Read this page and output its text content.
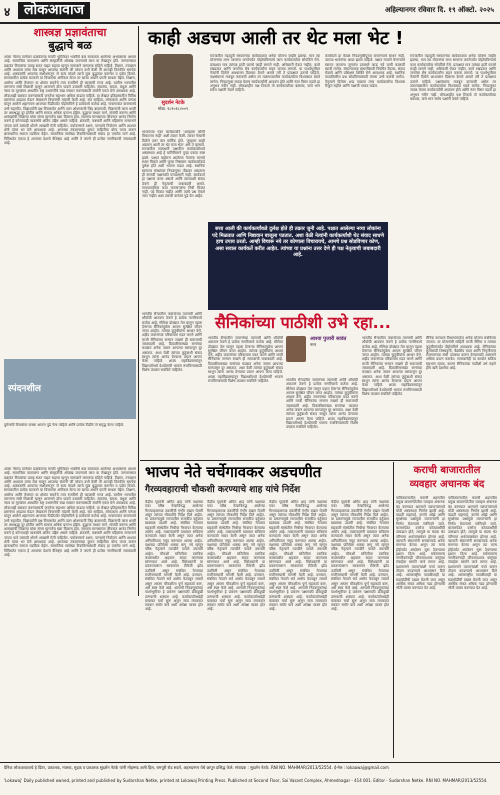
४ लोकआवाज	अहिल्यानगर रविवार दि. १९ ऑक्टो. २०२५
शास्त्रज्ञ प्रज्ञावंताचा
बुद्धाचे बळ
अंतरा गोल्ला ठाणेकर प्रज्ञावंताचा मराठी भूमिकेवर भक्तीचे बळ साकारता आलेल्या अभ्यासाचा आधार आहे. सामाजिक वातावरण आणि संस्कृतीची ओळख जपण्याचे काम या लेखातून होते. जनमानसात प्रज्ञावंत विचारांचा प्रवाह सतत वाहत राहावा म्हणून समाजाने जागरूक राहिले पाहिजे. विज्ञान, तत्त्वज्ञान आणि अध्यात्म यांचा मेळ घालून आपल्या संतांनी जी परंपरा उभी केली ती आजही तितकीच समर्पक आहे. शास्त्रज्ञांनी आपल्या संशोधनातून जे सत्य मांडले त्याचे मूळ बुद्धाच्या करुणेत व प्रज्ञेत दिसते. समाजातील प्रत्येक घटकाने या विचारांचा अंगीकार केला तर खऱ्या अर्थाने प्रगती साधता येईल. शिक्षण, आरोग्य आणि रोजगार या क्षेत्रांत समतेचे तत्त्व रुजविणे ही काळाची गरज आहे. ग्रामीण भागातील तरुणांना संधी मिळावी म्हणून शासनाने ठोस पावले उचलली पाहिजेत. स्वातंत्र्य, समता, बंधुता आणि न्याय या मूल्यांवर आधारित राष्ट्र उभारणीचे स्वप्न साकार करण्यासाठी सर्वांनी एकत्र येणे आवश्यक आहे. लोकशाही बळकट करण्यासाठी जनतेचा सहभाग अधिक वाढला पाहिजे. या लेखात इतिहासातील विविध प्रसंगांचा आढावा घेऊन लेखकाने विचारांची मांडणी केली आहे. संत साहित्य, लोककला आणि परंपरा यांतून आलेले शहाणपण आजच्या पिढीपर्यंत पोहोचविणे हे प्रत्येकाचे कर्तव्य आहे. गावागावांत वाचनालये उभी राहावीत, विद्यार्थ्यांनी प्रश्न विचारावेत आणि उत्तर शोधण्याची जिद्द बाळगावी. विज्ञानाची कास धरली तर अंधश्रद्धा दूर होतील आणि समाज अधिक प्रगल्भ होईल. बुद्धाचा मध्यम मार्ग, संतांची करुणा आणि शास्त्रज्ञांची जिज्ञासा यांचा संगम म्हणजेच खरा विकास होय. सामान्य माणसाच्या जीवनात आनंद निर्माण करणे हे कोणत्याही व्यवस्थेचे अंतिम उद्दिष्ट असले पाहिजे. शेतकरी, कष्टकरी आणि महिलांना सन्मानाने जगता यावे यासाठी धोरणे आखली गेली पाहिजेत. पर्यावरणाचे रक्षण, पाण्याचे नियोजन आणि शाश्वत शेती यांवर भर देणे आवश्यक आहे. आजच्या तंत्रज्ञानाच्या युगात माहितीचा योग्य वापर करून ज्ञानाधारित समाज घडविता येईल. सामाजिक सलोखा टिकविण्यासाठी संवाद हा एकमेव मार्ग आहे. विविधतेत एकता हे आपल्या देशाचे वैशिष्ट्य आहे आणि ते जपणे ही प्रत्येक नागरिकाची जबाबदारी आहे.
स्पंदनशील
पुरोगामी विचारांचा वारसा आपण पुढे नेला पाहिजे आणि प्रत्येक पिढीने तो समृद्ध केला पाहिजे.
अंतरा गोल्ला ठाणेकर प्रज्ञावंताचा मराठी भूमिकेवर भक्तीचे बळ साकारता आलेल्या अभ्यासाचा आधार आहे. सामाजिक वातावरण आणि संस्कृतीची ओळख जपण्याचे काम या लेखातून होते. जनमानसात प्रज्ञावंत विचारांचा प्रवाह सतत वाहत राहावा म्हणून समाजाने जागरूक राहिले पाहिजे. विज्ञान, तत्त्वज्ञान आणि अध्यात्म यांचा मेळ घालून आपल्या संतांनी जी परंपरा उभी केली ती आजही तितकीच समर्पक आहे. शास्त्रज्ञांनी आपल्या संशोधनातून जे सत्य मांडले त्याचे मूळ बुद्धाच्या करुणेत व प्रज्ञेत दिसते. समाजातील प्रत्येक घटकाने या विचारांचा अंगीकार केला तर खऱ्या अर्थाने प्रगती साधता येईल. शिक्षण, आरोग्य आणि रोजगार या क्षेत्रांत समतेचे तत्त्व रुजविणे ही काळाची गरज आहे. ग्रामीण भागातील तरुणांना संधी मिळावी म्हणून शासनाने ठोस पावले उचलली पाहिजेत. स्वातंत्र्य, समता, बंधुता आणि न्याय या मूल्यांवर आधारित राष्ट्र उभारणीचे स्वप्न साकार करण्यासाठी सर्वांनी एकत्र येणे आवश्यक आहे. लोकशाही बळकट करण्यासाठी जनतेचा सहभाग अधिक वाढला पाहिजे. या लेखात इतिहासातील विविध प्रसंगांचा आढावा घेऊन लेखकाने विचारांची मांडणी केली आहे. संत साहित्य, लोककला आणि परंपरा यांतून आलेले शहाणपण आजच्या पिढीपर्यंत पोहोचविणे हे प्रत्येकाचे कर्तव्य आहे. गावागावांत वाचनालये उभी राहावीत, विद्यार्थ्यांनी प्रश्न विचारावेत आणि उत्तर शोधण्याची जिद्द बाळगावी. विज्ञानाची कास धरली तर अंधश्रद्धा दूर होतील आणि समाज अधिक प्रगल्भ होईल. बुद्धाचा मध्यम मार्ग, संतांची करुणा आणि शास्त्रज्ञांची जिज्ञासा यांचा संगम म्हणजेच खरा विकास होय. सामान्य माणसाच्या जीवनात आनंद निर्माण करणे हे कोणत्याही व्यवस्थेचे अंतिम उद्दिष्ट असले पाहिजे. शेतकरी, कष्टकरी आणि महिलांना सन्मानाने जगता यावे यासाठी धोरणे आखली गेली पाहिजेत. पर्यावरणाचे रक्षण, पाण्याचे नियोजन आणि शाश्वत शेती यांवर भर देणे आवश्यक आहे. आजच्या तंत्रज्ञानाच्या युगात माहितीचा योग्य वापर करून ज्ञानाधारित समाज घडविता येईल. सामाजिक सलोखा टिकविण्यासाठी संवाद हा एकमेव मार्ग आहे. विविधतेत एकता हे आपल्या देशाचे वैशिष्ट्य आहे आणि ते जपणे ही प्रत्येक नागरिकाची जबाबदारी आहे.
काही अडचण आली तर थेट मला भेट !
सुदर्शन नेटके
मोबा. ९८९०१८२००९
भाजपच्या एका कार्यकर्त्याने 'आम्हाला कोणी विचारतच नाही' अशी तक्रार केली. त्यावर नेत्यांनी दिलेले उत्तर फार मार्मिक होते. 'तुम्हाला काही अडचण आली तर थेट मला भेटा' असे ते म्हणाले. राज्यातील सत्ताधारी पक्षातील कार्यकर्त्यांमध्ये अस्वस्थता आहे हे यानिमित्ताने पुन्हा एकदा स्पष्ट झाले. पक्षात बाहेरून आलेल्या नेत्यांना मानाचे स्थान मिळते आणि जुन्या निष्ठावान कार्यकर्त्यांकडे दुर्लक्ष होते अशी भावना वाढत आहे. स्थानिक स्वराज्य संस्थांच्या निवडणुका तोंडावर असताना ही नाराजी पक्षासाठी परवडणारी नाही. कार्यकर्ता हा पक्षाचा कणा असतो आणि त्याच्याशी संवाद ठेवणे ही नेतृत्वाची जबाबदारी असते. गावपातळीवर काम करणाऱ्यांना निधी मिळत नाही, पदे मिळत नाहीत आणि त्यांचे प्रश्न ऐकले जात नाहीत अशा तक्रारी वारंवार पुढे येत आहेत.
राज्यातील महायुती सरकारच्या कार्यकाळात अनेक योजना जाहीर झाल्या, मात्र त्या योजनांचा लाभ सामान्य जनतेपर्यंत पोहोचविण्याचे काम कार्यकर्त्यांवर सोपविले गेले. प्रत्यक्षात मात्र त्यांच्या हाती फारसे काही लागले नाही. अधिकारी ऐकत नाहीत, कामे रखडतात आणि जनतेचा रोष कार्यकर्त्यांना सहन करावा लागतो. या पार्श्वभूमीवर नेत्यांनी दिलेले आश्वासन दिलासा देणारे असले तरी ते प्रत्यक्षात उतरले पाहिजे. पक्षसंघटना मजबूत करायची असेल तर तळागाळातील कार्यकर्त्याला विश्वासात घ्यावे लागेल. निवडणुका जवळ येताच कार्यकर्त्यांची आठवण होते आणि नंतर विसर पडतो हा अनुभव नवीन नाही. लोकशाहीत पक्ष टिकतो तो कार्यकर्त्यांच्या बळावर, याचे भान सर्वच पक्षांनी ठेवले पाहिजे.
कार्यकर्ता हा केवळ निवडणुकीपुरता वापरण्याचे साधन नाही. त्याच्या भावनांचा आदर झाला पाहिजे. पक्षात नव्याने येणाऱ्यांचे स्वागत करताना जुन्यांना डावलले जाऊ नये याची काळजी घ्यावी लागेल. संघटनात्मक बांधणीसाठी नियमित बैठका, संवाद मेळावे आणि प्रशिक्षण शिबिरे घेणे आवश्यक आहे. स्थानिक पातळीवरील प्रश्न सोडविण्यासाठी यंत्रणा उभी करावी लागेल. नेतृत्वाने दिलेला शब्द पाळला तरच कार्यकर्त्यांचा विश्वास टिकून राहील आणि पक्षाची ताकद वाढेल.
राज्यातील महायुती सरकारच्या कार्यकाळात अनेक योजना जाहीर झाल्या, मात्र त्या योजनांचा लाभ सामान्य जनतेपर्यंत पोहोचविण्याचे काम कार्यकर्त्यांवर सोपविले गेले. प्रत्यक्षात मात्र त्यांच्या हाती फारसे काही लागले नाही. अधिकारी ऐकत नाहीत, कामे रखडतात आणि जनतेचा रोष कार्यकर्त्यांना सहन करावा लागतो. या पार्श्वभूमीवर नेत्यांनी दिलेले आश्वासन दिलासा देणारे असले तरी ते प्रत्यक्षात उतरले पाहिजे. पक्षसंघटना मजबूत करायची असेल तर तळागाळातील कार्यकर्त्याला विश्वासात घ्यावे लागेल. निवडणुका जवळ येताच कार्यकर्त्यांची आठवण होते आणि नंतर विसर पडतो हा अनुभव नवीन नाही. लोकशाहीत पक्ष टिकतो तो कार्यकर्त्यांच्या बळावर, याचे भान सर्वच पक्षांनी ठेवले पाहिजे.
सत्ता आली की कार्यकर्त्यांकडे दुर्लक्ष होते ही तक्रार जुनी आहे. पक्षात आलेल्या नव्या लोकांना पदे मिळतात आणि निष्ठावान बाजूला पडतात. अशा वेळी नेत्यांनी कार्यकर्त्यांशी थेट संवाद साधणे हाच उपाय ठरतो. आम्ही विचारू नये तर कोणाला विचारायचे, आमचे प्रश्न सोडविणार कोण, असा सवाल कार्यकर्ते करीत आहेत. त्यांच्या या प्रश्नांना उत्तर देणे ही पक्ष नेतृत्वाची जबाबदारी आहे.
सैनिकांच्या पाठीशी उभे रहा...
भारतीय सैन्यातील जवानांच्या त्यागाची आणि शौर्याची आठवण ठेवणे हे प्रत्येक नागरिकाचे कर्तव्य आहे. सीमेवर डोळ्यात तेल घालून पहारा देणाऱ्या सैनिकांमुळेच आपण सुरक्षित जीवन जगत आहोत. त्यांच्या कुटुंबीयांना आधार देणे, शहीद जवानांच्या परिवाराला मदत करणे आणि माजी सैनिकांचा सन्मान राखणे ही समाजाची जबाबदारी आहे. दिवाळीसारख्या सणांच्या काळात अनेक जवान आपल्या घरापासून दूर असतात. अशा वेळी त्यांच्या कुटुंबाशी संवाद साधून त्यांना आनंद देण्याचा प्रयत्न आपण केला पाहिजे. शाळा महाविद्यालयांतून विद्यार्थ्यांमध्ये देशप्रेमाची भावना रुजविण्यासाठी विशेष उपक्रम राबविले पाहिजेत.
भारतीय सैन्यातील जवानांच्या त्यागाची आणि शौर्याची आठवण ठेवणे हे प्रत्येक नागरिकाचे कर्तव्य आहे. सीमेवर डोळ्यात तेल घालून पहारा देणाऱ्या सैनिकांमुळेच आपण सुरक्षित जीवन जगत आहोत. त्यांच्या कुटुंबीयांना आधार देणे, शहीद जवानांच्या परिवाराला मदत करणे आणि माजी सैनिकांचा सन्मान राखणे ही समाजाची जबाबदारी आहे. दिवाळीसारख्या सणांच्या काळात अनेक जवान आपल्या घरापासून दूर असतात. अशा वेळी त्यांच्या कुटुंबाशी संवाद साधून त्यांना आनंद देण्याचा प्रयत्न आपण केला पाहिजे. शाळा महाविद्यालयांतून विद्यार्थ्यांमध्ये देशप्रेमाची भावना रुजविण्यासाठी विशेष उपक्रम राबविले पाहिजेत.
आश्या पुजारी सावंत
नगर
भारतीय सैन्यातील जवानांच्या त्यागाची आणि शौर्याची आठवण ठेवणे हे प्रत्येक नागरिकाचे कर्तव्य आहे. सीमेवर डोळ्यात तेल घालून पहारा देणाऱ्या सैनिकांमुळेच आपण सुरक्षित जीवन जगत आहोत. त्यांच्या कुटुंबीयांना आधार देणे, शहीद जवानांच्या परिवाराला मदत करणे आणि माजी सैनिकांचा सन्मान राखणे ही समाजाची जबाबदारी आहे. दिवाळीसारख्या सणांच्या काळात अनेक जवान आपल्या घरापासून दूर असतात. अशा वेळी त्यांच्या कुटुंबाशी संवाद साधून त्यांना आनंद देण्याचा प्रयत्न आपण केला पाहिजे. शाळा महाविद्यालयांतून विद्यार्थ्यांमध्ये देशप्रेमाची भावना रुजविण्यासाठी विशेष उपक्रम राबविले पाहिजेत.
भारतीय सैन्यातील जवानांच्या त्यागाची आणि शौर्याची आठवण ठेवणे हे प्रत्येक नागरिकाचे कर्तव्य आहे. सीमेवर डोळ्यात तेल घालून पहारा देणाऱ्या सैनिकांमुळेच आपण सुरक्षित जीवन जगत आहोत. त्यांच्या कुटुंबीयांना आधार देणे, शहीद जवानांच्या परिवाराला मदत करणे आणि माजी सैनिकांचा सन्मान राखणे ही समाजाची जबाबदारी आहे. दिवाळीसारख्या सणांच्या काळात अनेक जवान आपल्या घरापासून दूर असतात. अशा वेळी त्यांच्या कुटुंबाशी संवाद साधून त्यांना आनंद देण्याचा प्रयत्न आपण केला पाहिजे. शाळा महाविद्यालयांतून विद्यार्थ्यांमध्ये देशप्रेमाची भावना रुजविण्यासाठी विशेष उपक्रम राबविले पाहिजेत.
सैनिक कल्याण विभागामार्फत अनेक योजना राबविल्या जातात. या योजनांची माहिती माजी सैनिक व त्यांच्या कुटुंबीयांपर्यंत पोहोचविणे आवश्यक आहे. सैनिकांच्या मुलांसाठी शिष्यवृत्ती, वैद्यकीय मदत आणि निवृत्तीनंतर रोजगाराच्या संधी उपलब्ध करून देण्यासाठी शासनाने अधिक प्रयत्न करावेत. समाजानेही या कार्यात सक्रिय सहभाग घ्यावा, कारण सैनिकांच्या पाठीशी उभे राहणे हीच खरी देशसेवा आहे.
भाजप नेते चर्चेगावकर अडचणीत
गैरव्यवहाराची चौकशी करण्याचे शाह यांचे निर्देश
केंद्रीय गृहमंत्री अमित शाह यांनी पक्षाच्या एका वरिष्ठ नेत्याविरुद्ध आलेल्या गैरव्यवहाराच्या तक्रारींची गंभीर दखल घेतली असून त्यांच्या चौकशीचे निर्देश दिले आहेत. या प्रकरणामुळे राज्यातील राजकीय वर्तुळात खळबळ उडाली आहे. संबंधित नेत्यावर सहकारी संस्थेतील निधीचा गैरवापर केल्याचा आरोप आहे. तक्रारदारांनी याबाबत सविस्तर कागदपत्रे सादर केली असून त्यात अनेक अनियमितता नमूद करण्यात आल्या आहेत. पक्षाच्या प्रतिमेला धक्का लागू नये म्हणून वरिष्ठ नेतृत्वाने तातडीने पावले उचलली आहेत. चौकशी समितीला ठराविक कालावधीत अहवाल सादर करण्यास सांगण्यात आले आहे. विरोधकांनी या प्रकरणावरून सरकारवर टीकेची झोड उठविली असून संबंधित नेत्याच्या राजीनाम्याची मागणी केली आहे. दरम्यान, संबंधित नेत्याने सर्व आरोप फेटाळून लावले असून आपण चौकशीला पूर्ण सहकार्य करू, असे स्पष्ट केले आहे. आगामी निवडणुकांच्या पार्श्वभूमीवर हे प्रकरण पक्षासाठी डोकेदुखी ठरण्याची शक्यता आहे. कार्यकर्त्यांमध्येही याबाबत चर्चा सुरू असून सत्य लवकरात लवकर समोर यावे अशी अपेक्षा व्यक्त होत आहे.
केंद्रीय गृहमंत्री अमित शाह यांनी पक्षाच्या एका वरिष्ठ नेत्याविरुद्ध आलेल्या गैरव्यवहाराच्या तक्रारींची गंभीर दखल घेतली असून त्यांच्या चौकशीचे निर्देश दिले आहेत. या प्रकरणामुळे राज्यातील राजकीय वर्तुळात खळबळ उडाली आहे. संबंधित नेत्यावर सहकारी संस्थेतील निधीचा गैरवापर केल्याचा आरोप आहे. तक्रारदारांनी याबाबत सविस्तर कागदपत्रे सादर केली असून त्यात अनेक अनियमितता नमूद करण्यात आल्या आहेत. पक्षाच्या प्रतिमेला धक्का लागू नये म्हणून वरिष्ठ नेतृत्वाने तातडीने पावले उचलली आहेत. चौकशी समितीला ठराविक कालावधीत अहवाल सादर करण्यास सांगण्यात आले आहे. विरोधकांनी या प्रकरणावरून सरकारवर टीकेची झोड उठविली असून संबंधित नेत्याच्या राजीनाम्याची मागणी केली आहे. दरम्यान, संबंधित नेत्याने सर्व आरोप फेटाळून लावले असून आपण चौकशीला पूर्ण सहकार्य करू, असे स्पष्ट केले आहे. आगामी निवडणुकांच्या पार्श्वभूमीवर हे प्रकरण पक्षासाठी डोकेदुखी ठरण्याची शक्यता आहे. कार्यकर्त्यांमध्येही याबाबत चर्चा सुरू असून सत्य लवकरात लवकर समोर यावे अशी अपेक्षा व्यक्त होत आहे.
केंद्रीय गृहमंत्री अमित शाह यांनी पक्षाच्या एका वरिष्ठ नेत्याविरुद्ध आलेल्या गैरव्यवहाराच्या तक्रारींची गंभीर दखल घेतली असून त्यांच्या चौकशीचे निर्देश दिले आहेत. या प्रकरणामुळे राज्यातील राजकीय वर्तुळात खळबळ उडाली आहे. संबंधित नेत्यावर सहकारी संस्थेतील निधीचा गैरवापर केल्याचा आरोप आहे. तक्रारदारांनी याबाबत सविस्तर कागदपत्रे सादर केली असून त्यात अनेक अनियमितता नमूद करण्यात आल्या आहेत. पक्षाच्या प्रतिमेला धक्का लागू नये म्हणून वरिष्ठ नेतृत्वाने तातडीने पावले उचलली आहेत. चौकशी समितीला ठराविक कालावधीत अहवाल सादर करण्यास सांगण्यात आले आहे. विरोधकांनी या प्रकरणावरून सरकारवर टीकेची झोड उठविली असून संबंधित नेत्याच्या राजीनाम्याची मागणी केली आहे. दरम्यान, संबंधित नेत्याने सर्व आरोप फेटाळून लावले असून आपण चौकशीला पूर्ण सहकार्य करू, असे स्पष्ट केले आहे. आगामी निवडणुकांच्या पार्श्वभूमीवर हे प्रकरण पक्षासाठी डोकेदुखी ठरण्याची शक्यता आहे. कार्यकर्त्यांमध्येही याबाबत चर्चा सुरू असून सत्य लवकरात लवकर समोर यावे अशी अपेक्षा व्यक्त होत आहे.
केंद्रीय गृहमंत्री अमित शाह यांनी पक्षाच्या एका वरिष्ठ नेत्याविरुद्ध आलेल्या गैरव्यवहाराच्या तक्रारींची गंभीर दखल घेतली असून त्यांच्या चौकशीचे निर्देश दिले आहेत. या प्रकरणामुळे राज्यातील राजकीय वर्तुळात खळबळ उडाली आहे. संबंधित नेत्यावर सहकारी संस्थेतील निधीचा गैरवापर केल्याचा आरोप आहे. तक्रारदारांनी याबाबत सविस्तर कागदपत्रे सादर केली असून त्यात अनेक अनियमितता नमूद करण्यात आल्या आहेत. पक्षाच्या प्रतिमेला धक्का लागू नये म्हणून वरिष्ठ नेतृत्वाने तातडीने पावले उचलली आहेत. चौकशी समितीला ठराविक कालावधीत अहवाल सादर करण्यास सांगण्यात आले आहे. विरोधकांनी या प्रकरणावरून सरकारवर टीकेची झोड उठविली असून संबंधित नेत्याच्या राजीनाम्याची मागणी केली आहे. दरम्यान, संबंधित नेत्याने सर्व आरोप फेटाळून लावले असून आपण चौकशीला पूर्ण सहकार्य करू, असे स्पष्ट केले आहे. आगामी निवडणुकांच्या पार्श्वभूमीवर हे प्रकरण पक्षासाठी डोकेदुखी ठरण्याची शक्यता आहे. कार्यकर्त्यांमध्येही याबाबत चर्चा सुरू असून सत्य लवकरात लवकर समोर यावे अशी अपेक्षा व्यक्त होत आहे.
कराची बाजारातील
व्यवहार अचानक बंद
पाकिस्तानातील कराची शहरातील प्रमुख बाजारपेठेतील व्यवहार अचानक बंद करण्यात आल्याने व्यापाऱ्यांमध्ये मोठी अस्वस्थता निर्माण झाली आहे. वाढती महागाई, करांचे ओझे आणि सुरक्षेच्या प्रश्नांमुळे व्यापाऱ्यांनी हा निर्णय घेतल्याचे सांगितले जाते. बाजारपेठेत दररोज कोट्यवधींची उलाढाल होते, त्यामुळे या बंदचा थेट परिणाम अर्थव्यवस्थेवर होणार आहे. व्यापारी संघटनांनी सरकारकडे अनेक मागण्या केल्या असून त्या मान्य होईपर्यंत आंदोलन सुरू ठेवण्याचा इशारा दिला आहे. सर्वसामान्य नागरिकांनाही जीवनावश्यक वस्तूंच्या टंचाईला सामोरे जावे लागत आहे. प्रशासनाने व्यापाऱ्यांशी चर्चा करून तोडगा काढण्याचे आश्वासन दिले आहे. आंतरराष्ट्रीय पातळीवरही या घडामोडींची दखल घेतली जात असून आर्थिक संकट अधिक गडद होण्याची भीती व्यक्त करण्यात येत आहे.
पाकिस्तानातील कराची शहरातील प्रमुख बाजारपेठेतील व्यवहार अचानक बंद करण्यात आल्याने व्यापाऱ्यांमध्ये मोठी अस्वस्थता निर्माण झाली आहे. वाढती महागाई, करांचे ओझे आणि सुरक्षेच्या प्रश्नांमुळे व्यापाऱ्यांनी हा निर्णय घेतल्याचे सांगितले जाते. बाजारपेठेत दररोज कोट्यवधींची उलाढाल होते, त्यामुळे या बंदचा थेट परिणाम अर्थव्यवस्थेवर होणार आहे. व्यापारी संघटनांनी सरकारकडे अनेक मागण्या केल्या असून त्या मान्य होईपर्यंत आंदोलन सुरू ठेवण्याचा इशारा दिला आहे. सर्वसामान्य नागरिकांनाही जीवनावश्यक वस्तूंच्या टंचाईला सामोरे जावे लागत आहे. प्रशासनाने व्यापाऱ्यांशी चर्चा करून तोडगा काढण्याचे आश्वासन दिले आहे. आंतरराष्ट्रीय पातळीवरही या घडामोडींची दखल घेतली जात असून आर्थिक संकट अधिक गडद होण्याची भीती व्यक्त करण्यात येत आहे.
दैनिक लोकआवाजचे हे प्रिंटर, प्रकाशक, मालक, मुद्रक व प्रकाशक सुदर्शन नेटके यांनी मोहम्मद अली हिल, रामपुरी रोड सदर्न, अहमदनगर येथे छापून प्रसिद्ध केले. संपादक : सुदर्शन नेटके. RNI NO. MAHMAR/2013/52554. ई-मेल : lokaawaj@gmail.com
'Lokawaj' Daily published owned, printed and published by Sudarshan Netke, printed at Lokawaj Printing Press. Published at Second Floor, Sai Vasant Complex, Ahmednagar - 414 001. Editor - Sudarshan Netke. RNI NO. MAHMAR/2013/52554.
